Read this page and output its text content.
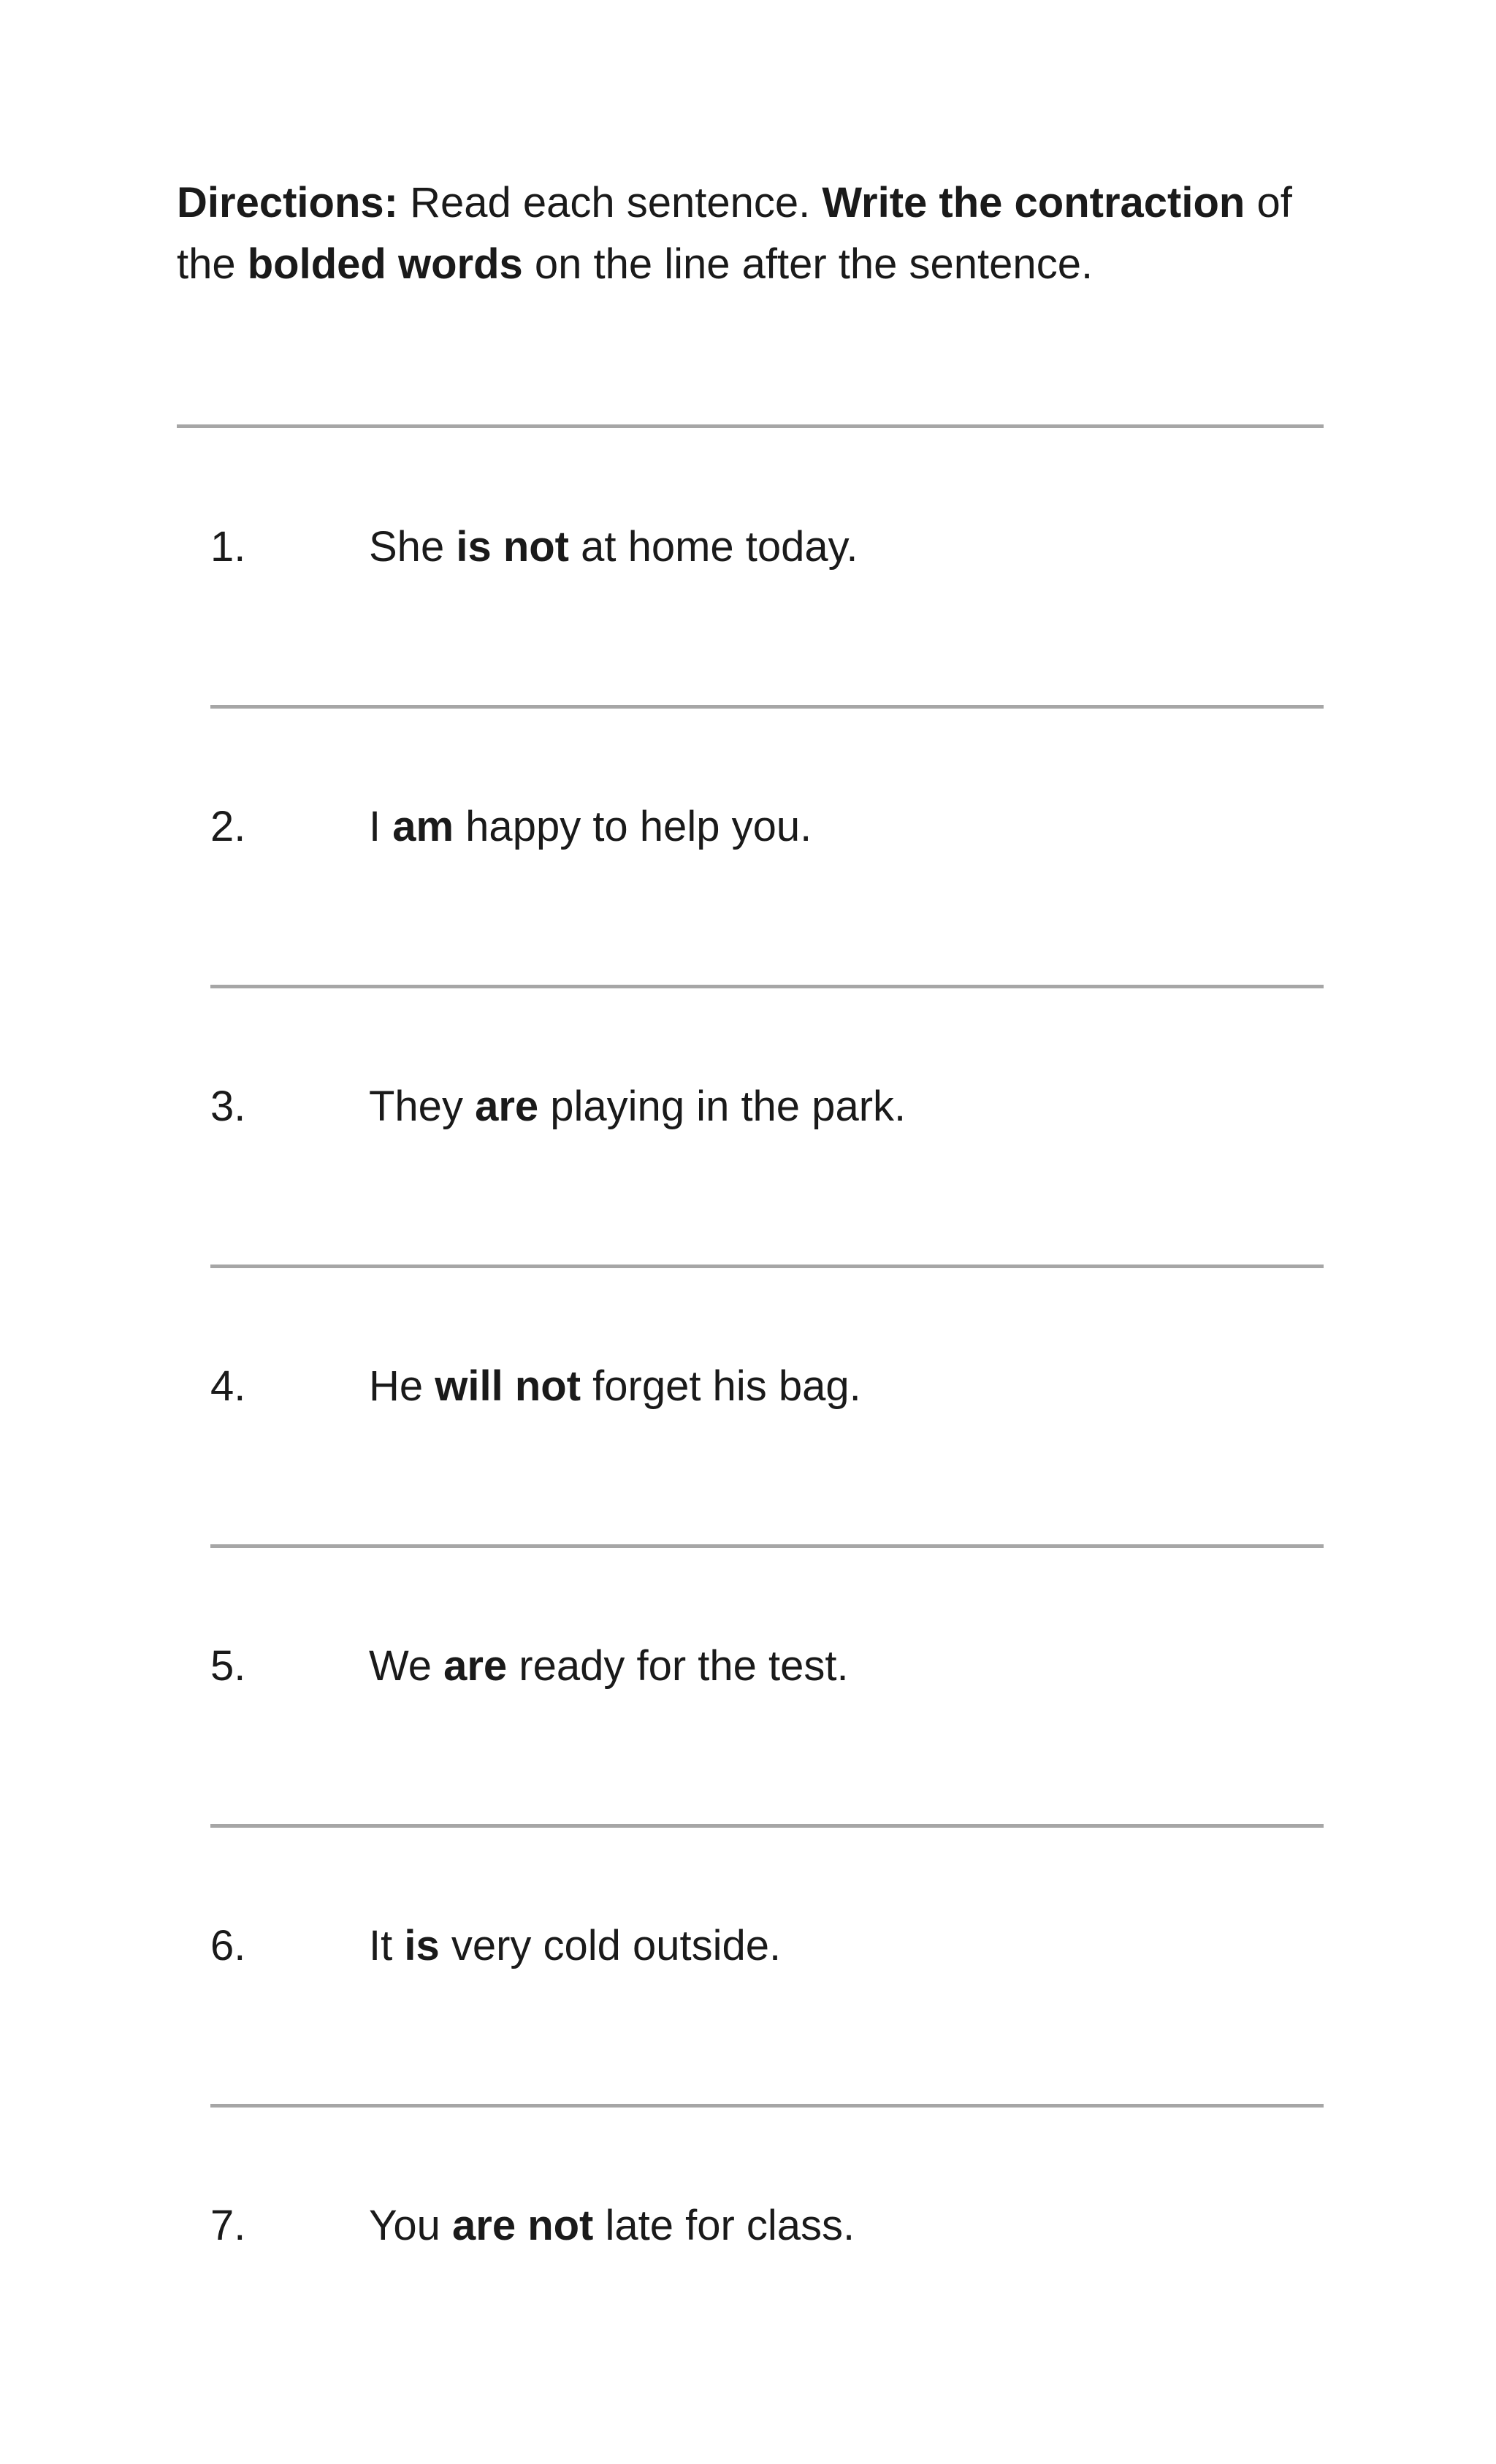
Directions: Read each sentence. Write the contraction of the bolded words on the line after the sentence.

1.	She is not at home today.
2.	I am happy to help you.
3.	They are playing in the park.
4.	He will not forget his bag.
5.	We are ready for the test.
6.	It is very cold outside.
7.	You are not late for class.
